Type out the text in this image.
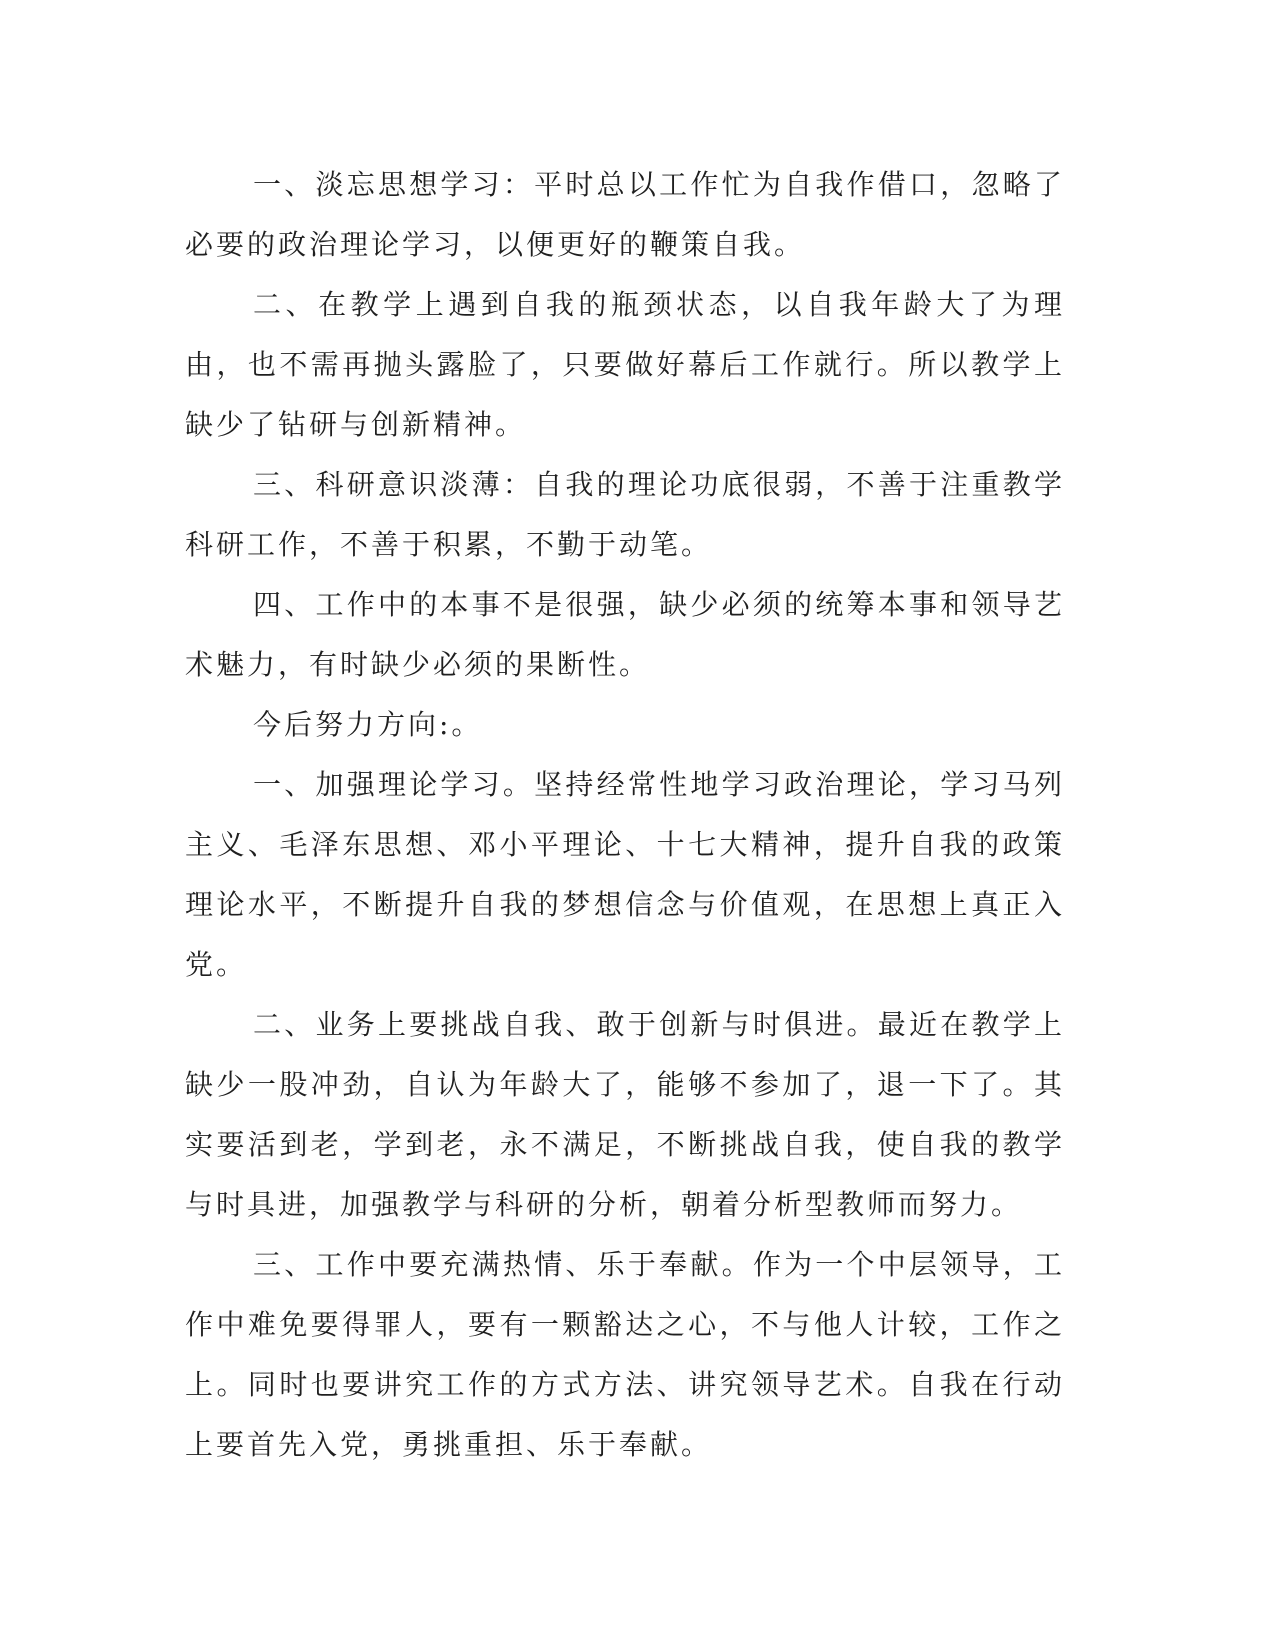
一、淡忘思想学习：平时总以工作忙为自我作借口，忽略了必要的政治理论学习，以便更好的鞭策自我。

二、在教学上遇到自我的瓶颈状态，以自我年龄大了为理由，也不需再抛头露脸了，只要做好幕后工作就行。所以教学上缺少了钻研与创新精神。

三、科研意识淡薄：自我的理论功底很弱，不善于注重教学科研工作，不善于积累，不勤于动笔。

四、工作中的本事不是很强，缺少必须的统筹本事和领导艺术魅力，有时缺少必须的果断性。

今后努力方向:。

一、加强理论学习。坚持经常性地学习政治理论，学习马列主义、毛泽东思想、邓小平理论、十七大精神，提升自我的政策理论水平，不断提升自我的梦想信念与价值观，在思想上真正入党。

二、业务上要挑战自我、敢于创新与时俱进。最近在教学上缺少一股冲劲，自认为年龄大了，能够不参加了，退一下了。其实要活到老，学到老，永不满足，不断挑战自我，使自我的教学与时具进，加强教学与科研的分析，朝着分析型教师而努力。

三、工作中要充满热情、乐于奉献。作为一个中层领导，工作中难免要得罪人，要有一颗豁达之心，不与他人计较，工作之上。同时也要讲究工作的方式方法、讲究领导艺术。自我在行动上要首先入党，勇挑重担、乐于奉献。
